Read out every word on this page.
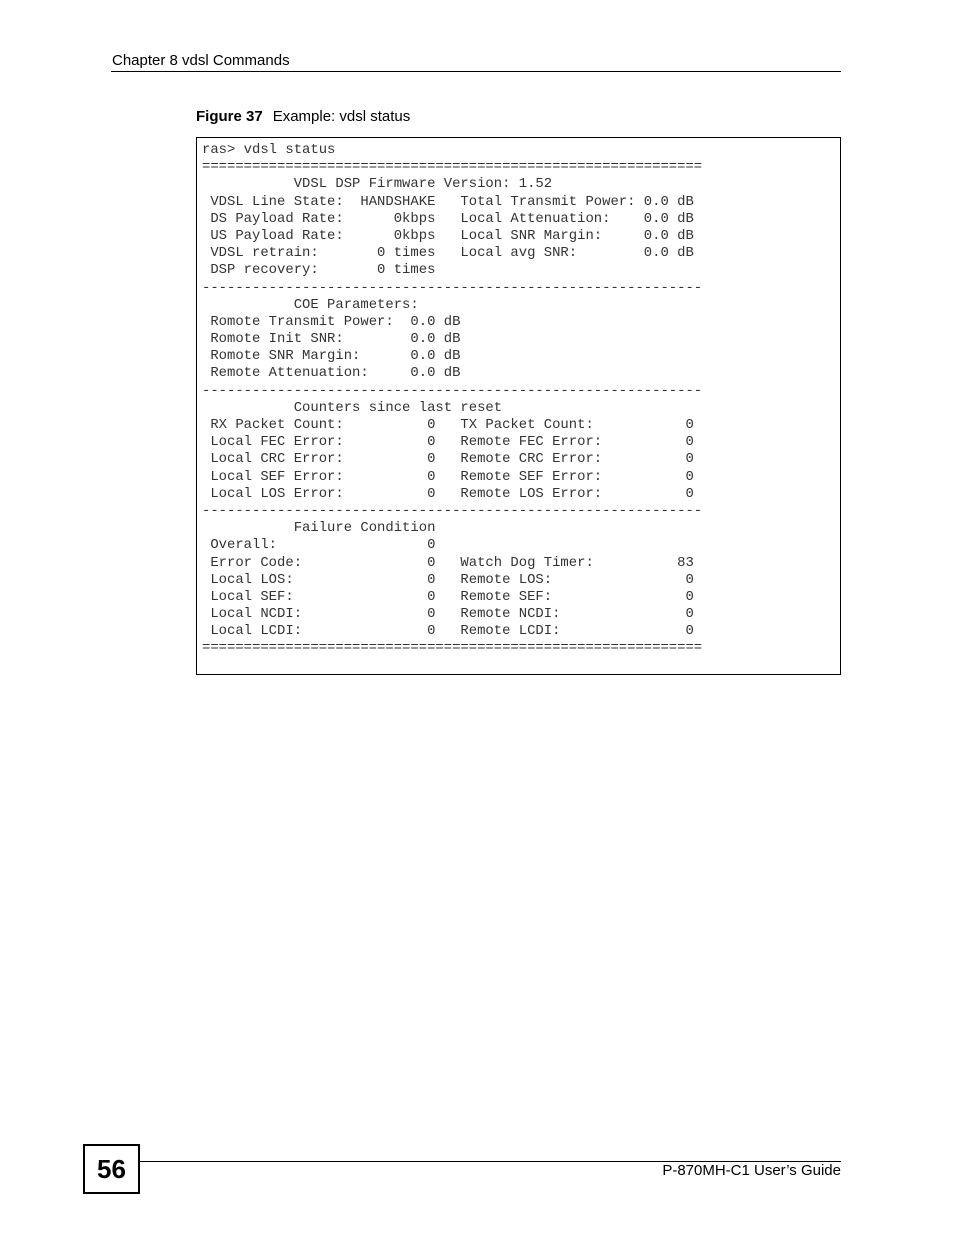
Chapter 8 vdsl Commands
Figure 37 Example: vdsl status
ras> vdsl status
============================================================
VDSL DSP Firmware Version: 1.52
VDSL Line State:  HANDSHAKE   Total Transmit Power: 0.0 dB
DS Payload Rate:      0kbps   Local Attenuation:    0.0 dB
US Payload Rate:      0kbps   Local SNR Margin:     0.0 dB
VDSL retrain:       0 times   Local avg SNR:        0.0 dB
DSP recovery:       0 times
------------------------------------------------------------
COE Parameters:
Romote Transmit Power:  0.0 dB
Romote Init SNR:        0.0 dB
Romote SNR Margin:      0.0 dB
Remote Attenuation:     0.0 dB
------------------------------------------------------------
Counters since last reset
RX Packet Count:          0   TX Packet Count:           0
Local FEC Error:          0   Remote FEC Error:          0
Local CRC Error:          0   Remote CRC Error:          0
Local SEF Error:          0   Remote SEF Error:          0
Local LOS Error:          0   Remote LOS Error:          0
------------------------------------------------------------
Failure Condition
Overall:                  0
Error Code:               0   Watch Dog Timer:          83
Local LOS:                0   Remote LOS:                0
Local SEF:                0   Remote SEF:                0
Local NCDI:               0   Remote NCDI:               0
Local LCDI:               0   Remote LCDI:               0
============================================================
56	P-870MH-C1 User’s Guide
